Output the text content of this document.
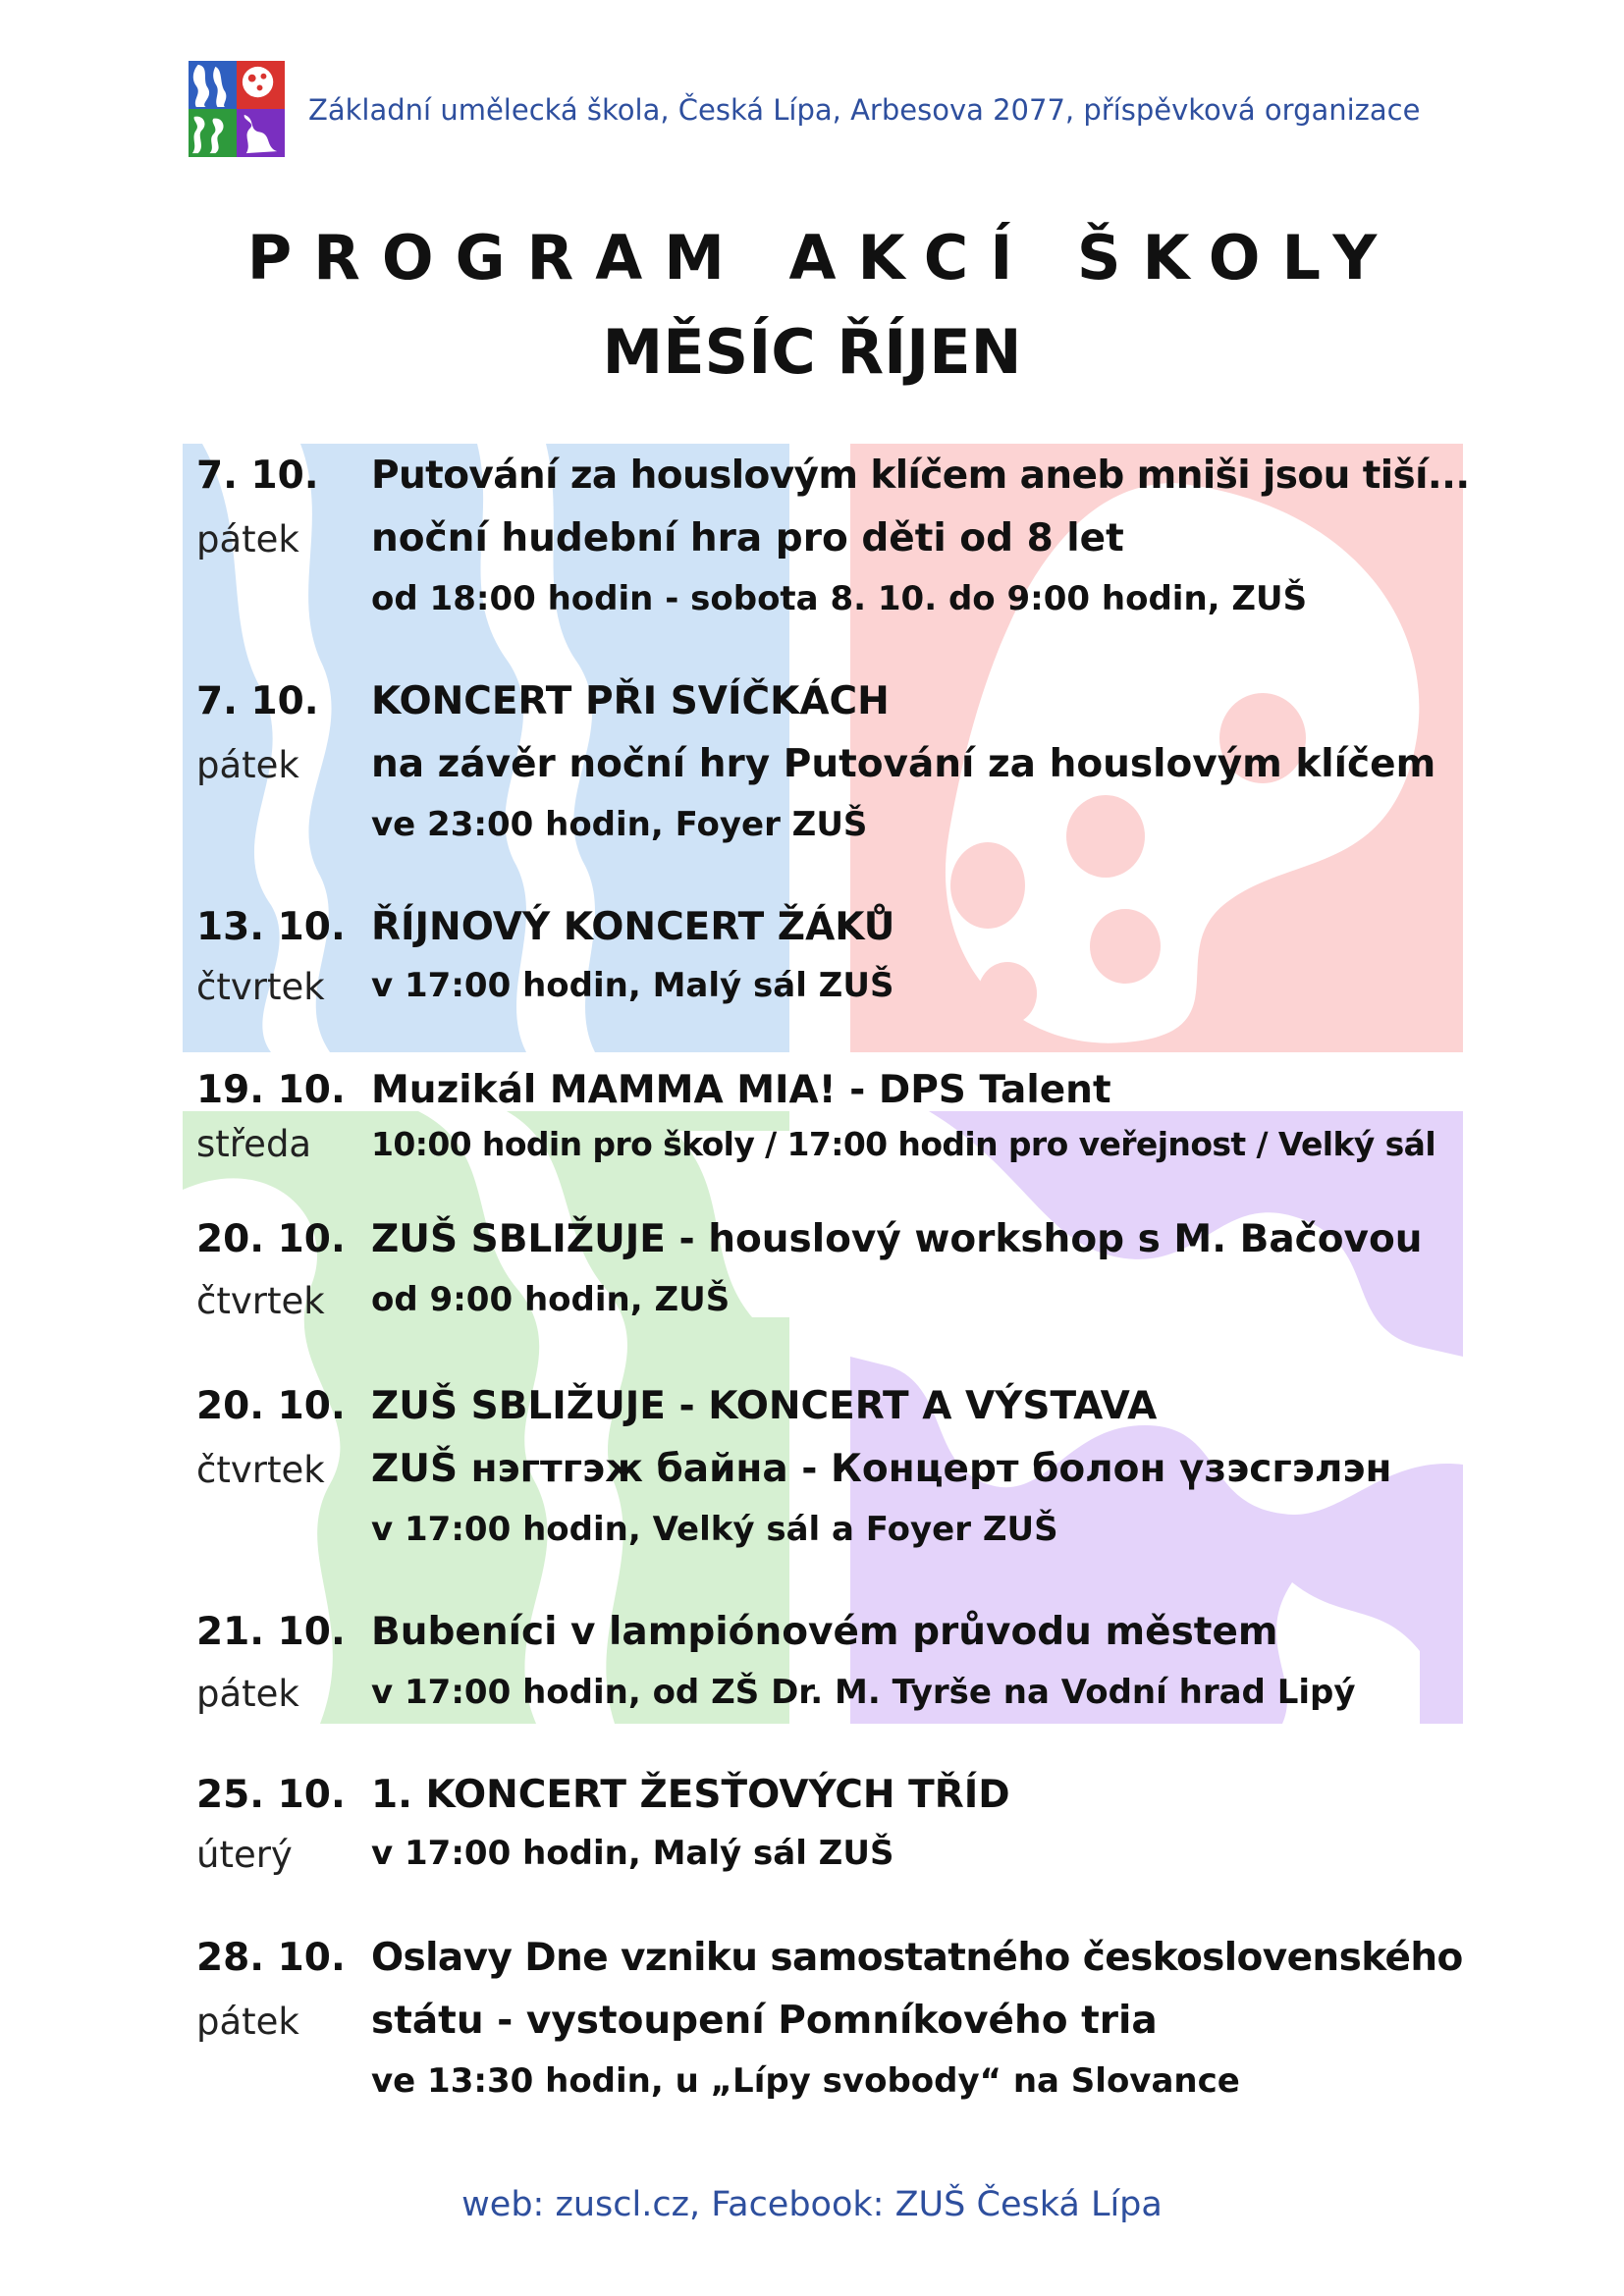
Základní umělecká škola, Česká Lípa, Arbesova 2077, příspěvková organizace
PROGRAM AKCÍ ŠKOLY
MĚSÍC ŘÍJEN
7. 10.
pátek
Putování za houslovým klíčem aneb mniši jsou tiší...
noční hudební hra pro děti od 8 let
od 18:00 hodin - sobota 8. 10. do 9:00 hodin, ZUŠ
7. 10.
pátek
KONCERT PŘI SVÍČKÁCH
na závěr noční hry Putování za houslovým klíčem
ve 23:00 hodin, Foyer ZUŠ
13. 10.
čtvrtek
ŘÍJNOVÝ KONCERT ŽÁKŮ
v 17:00 hodin, Malý sál ZUŠ
19. 10.
středa
Muzikál MAMMA MIA! - DPS Talent
10:00 hodin pro školy / 17:00 hodin pro veřejnost / Velký sál
20. 10.
čtvrtek
ZUŠ SBLIŽUJE - houslový workshop s M. Bačovou
od 9:00 hodin, ZUŠ
20. 10.
čtvrtek
ZUŠ SBLIŽUJE - KONCERT A VÝSTAVA
ZUŠ нэгтгэж байна - Концерт болон үзэсгэлэн
v 17:00 hodin, Velký sál a Foyer ZUŠ
21. 10.
pátek
Bubeníci v lampiónovém průvodu městem
v 17:00 hodin, od ZŠ Dr. M. Tyrše na Vodní hrad Lipý
25. 10.
úterý
1. KONCERT ŽESŤOVÝCH TŘÍD
v 17:00 hodin, Malý sál ZUŠ
28. 10.
pátek
Oslavy Dne vzniku samostatného československého
státu - vystoupení Pomníkového tria
ve 13:30 hodin, u „Lípy svobody“ na Slovance
web: zuscl.cz, Facebook: ZUŠ Česká Lípa
